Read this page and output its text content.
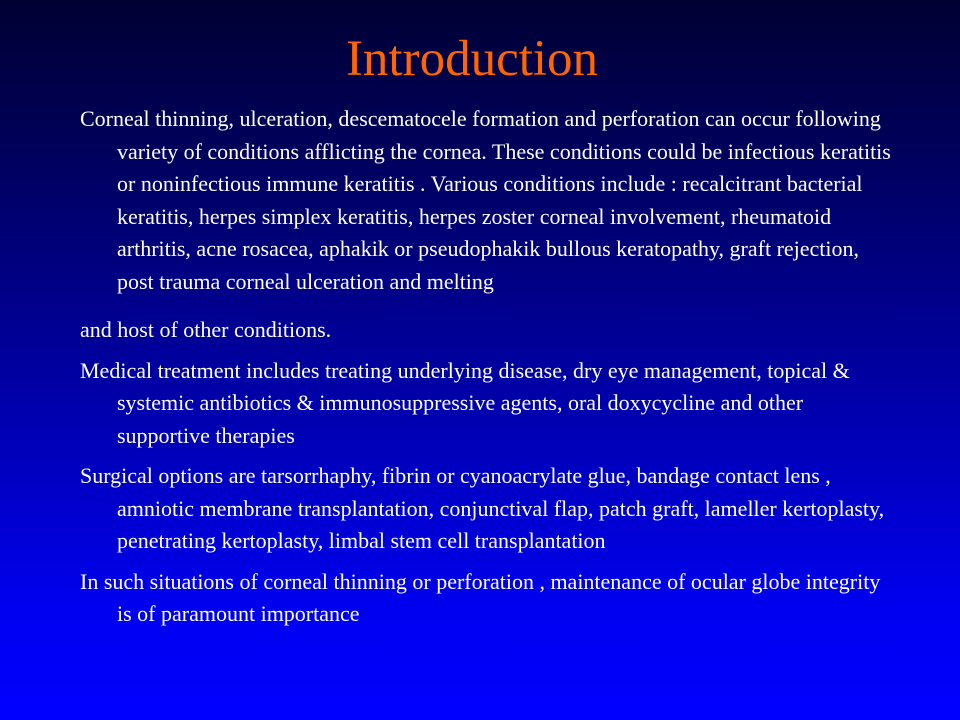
Introduction

Corneal thinning, ulceration, descematocele formation and perforation can occur following variety of conditions afflicting the cornea. These conditions could be infectious keratitis or noninfectious immune keratitis . Various conditions include : recalcitrant bacterial keratitis, herpes simplex keratitis, herpes zoster corneal involvement, rheumatoid arthritis, acne rosacea, aphakik or pseudophakik bullous keratopathy, graft rejection, post trauma corneal ulceration and melting
and host of other conditions.

Medical treatment includes treating underlying disease, dry eye management, topical & systemic antibiotics & immunosuppressive agents, oral doxycycline and other supportive therapies

Surgical options are tarsorrhaphy, fibrin or cyanoacrylate glue, bandage contact lens , amniotic membrane transplantation, conjunctival flap, patch graft, lameller kertoplasty, penetrating kertoplasty, limbal stem cell transplantation

In such situations of corneal thinning or perforation , maintenance of ocular globe integrity is of paramount importance
